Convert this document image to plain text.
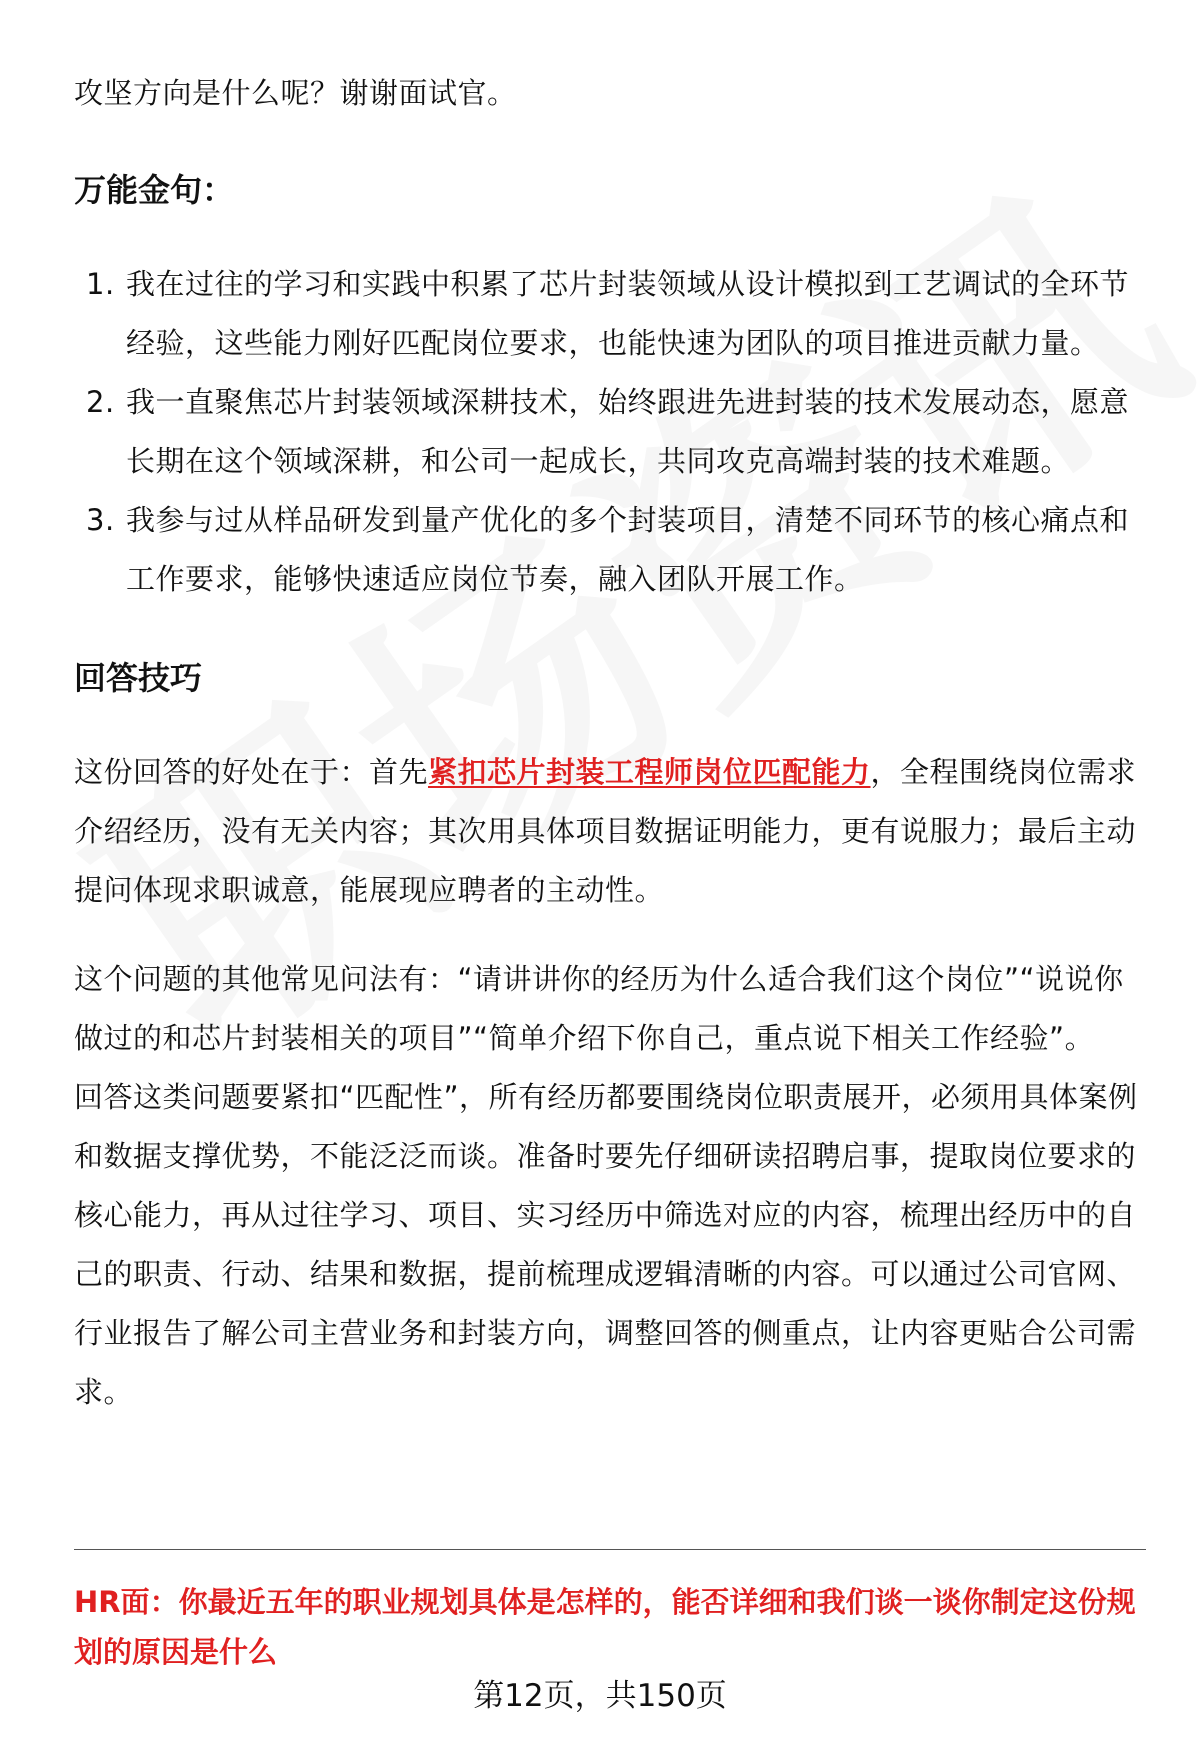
攻坚方向是什么呢？谢谢面试官。

万能金句：
1. 我在过往的学习和实践中积累了芯片封装领域从设计模拟到工艺调试的全环节经验，这些能力刚好匹配岗位要求，也能快速为团队的项目推进贡献力量。
2. 我一直聚焦芯片封装领域深耕技术，始终跟进先进封装的技术发展动态，愿意长期在这个领域深耕，和公司一起成长，共同攻克高端封装的技术难题。
3. 我参与过从样品研发到量产优化的多个封装项目，清楚不同环节的核心痛点和工作要求，能够快速适应岗位节奏，融入团队开展工作。
回答技巧

这份回答的好处在于：首先紧扣芯片封装工程师岗位匹配能力，全程围绕岗位需求介绍经历，没有无关内容；其次用具体项目数据证明能力，更有说服力；最后主动提问体现求职诚意，能展现应聘者的主动性。

这个问题的其他常见问法有：“请讲讲你的经历为什么适合我们这个岗位”“说说你做过的和芯片封装相关的项目”“简单介绍下你自己，重点说下相关工作经验”。

回答这类问题要紧扣“匹配性”，所有经历都要围绕岗位职责展开，必须用具体案例和数据支撑优势，不能泛泛而谈。准备时要先仔细研读招聘启事，提取岗位要求的核心能力，再从过往学习、项目、实习经历中筛选对应的内容，梳理出经历中的自己的职责、行动、结果和数据，提前梳理成逻辑清晰的内容。可以通过公司官网、行业报告了解公司主营业务和封装方向，调整回答的侧重点，让内容更贴合公司需求。

HR面：你最近五年的职业规划具体是怎样的，能否详细和我们谈一谈你制定这份规划的原因是什么
第12页，共150页
